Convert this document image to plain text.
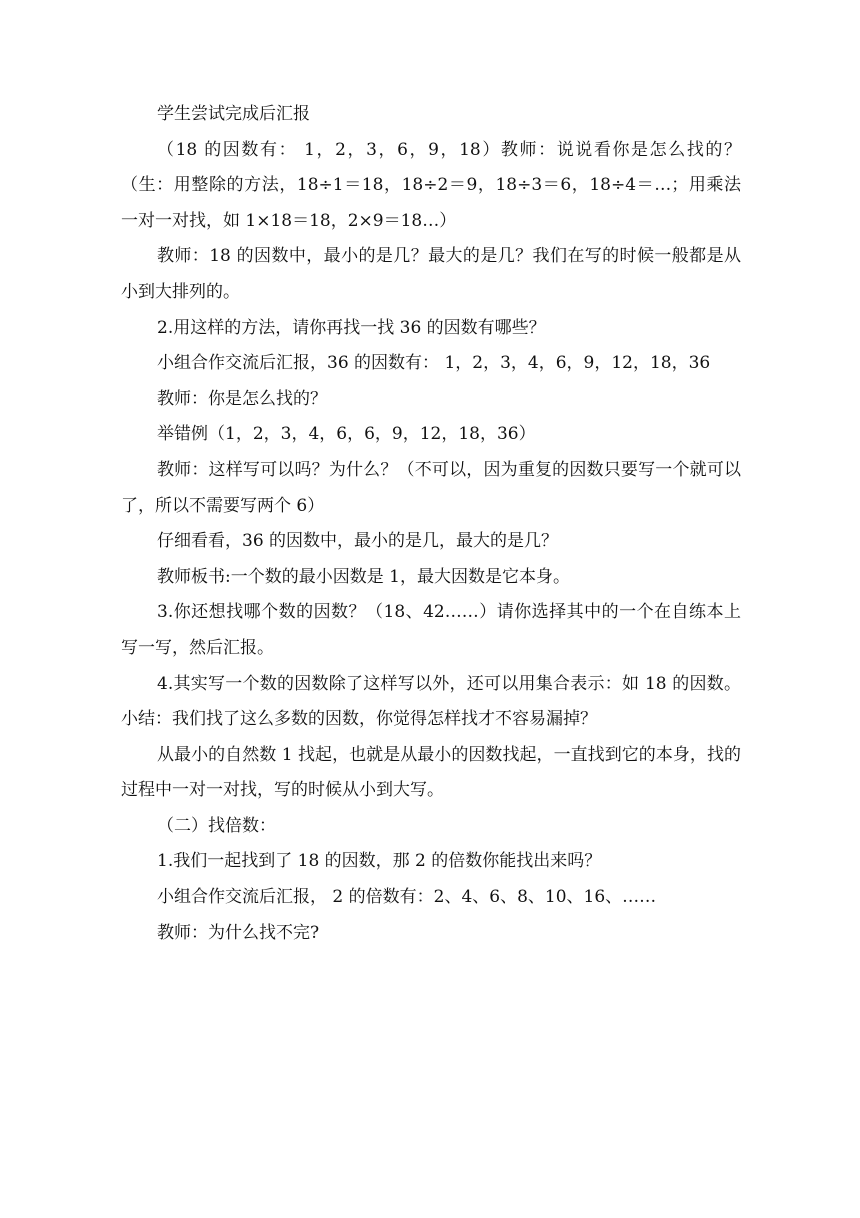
学生尝试完成后汇报

（18 的因数有： 1，2，3，6，9，18）教师：说说看你是怎么找的？（生：用整除的方法，18÷1＝18，18÷2＝9，18÷3＝6，18÷4＝…；用乘法一对一对找，如 1×18＝18，2×9＝18…）

教师：18 的因数中，最小的是几？最大的是几？我们在写的时候一般都是从小到大排列的。

2.用这样的方法，请你再找一找 36 的因数有哪些？

小组合作交流后汇报，36 的因数有： 1，2，3，4，6，9，12，18，36

教师：你是怎么找的？

举错例（1，2，3，4，6，6，9，12，18，36）

教师：这样写可以吗？为什么？（不可以，因为重复的因数只要写一个就可以了，所以不需要写两个 6）

仔细看看，36 的因数中，最小的是几，最大的是几？

教师板书:一个数的最小因数是 1，最大因数是它本身。

3.你还想找哪个数的因数？（18、42……）请你选择其中的一个在自练本上写一写，然后汇报。

4.其实写一个数的因数除了这样写以外，还可以用集合表示：如 18 的因数。小结：我们找了这么多数的因数，你觉得怎样找才不容易漏掉？

从最小的自然数 1 找起，也就是从最小的因数找起，一直找到它的本身，找的过程中一对一对找，写的时候从小到大写。

（二）找倍数：

1.我们一起找到了 18 的因数，那 2 的倍数你能找出来吗？

小组合作交流后汇报， 2 的倍数有：2、4、6、8、10、16、……

教师：为什么找不完?
